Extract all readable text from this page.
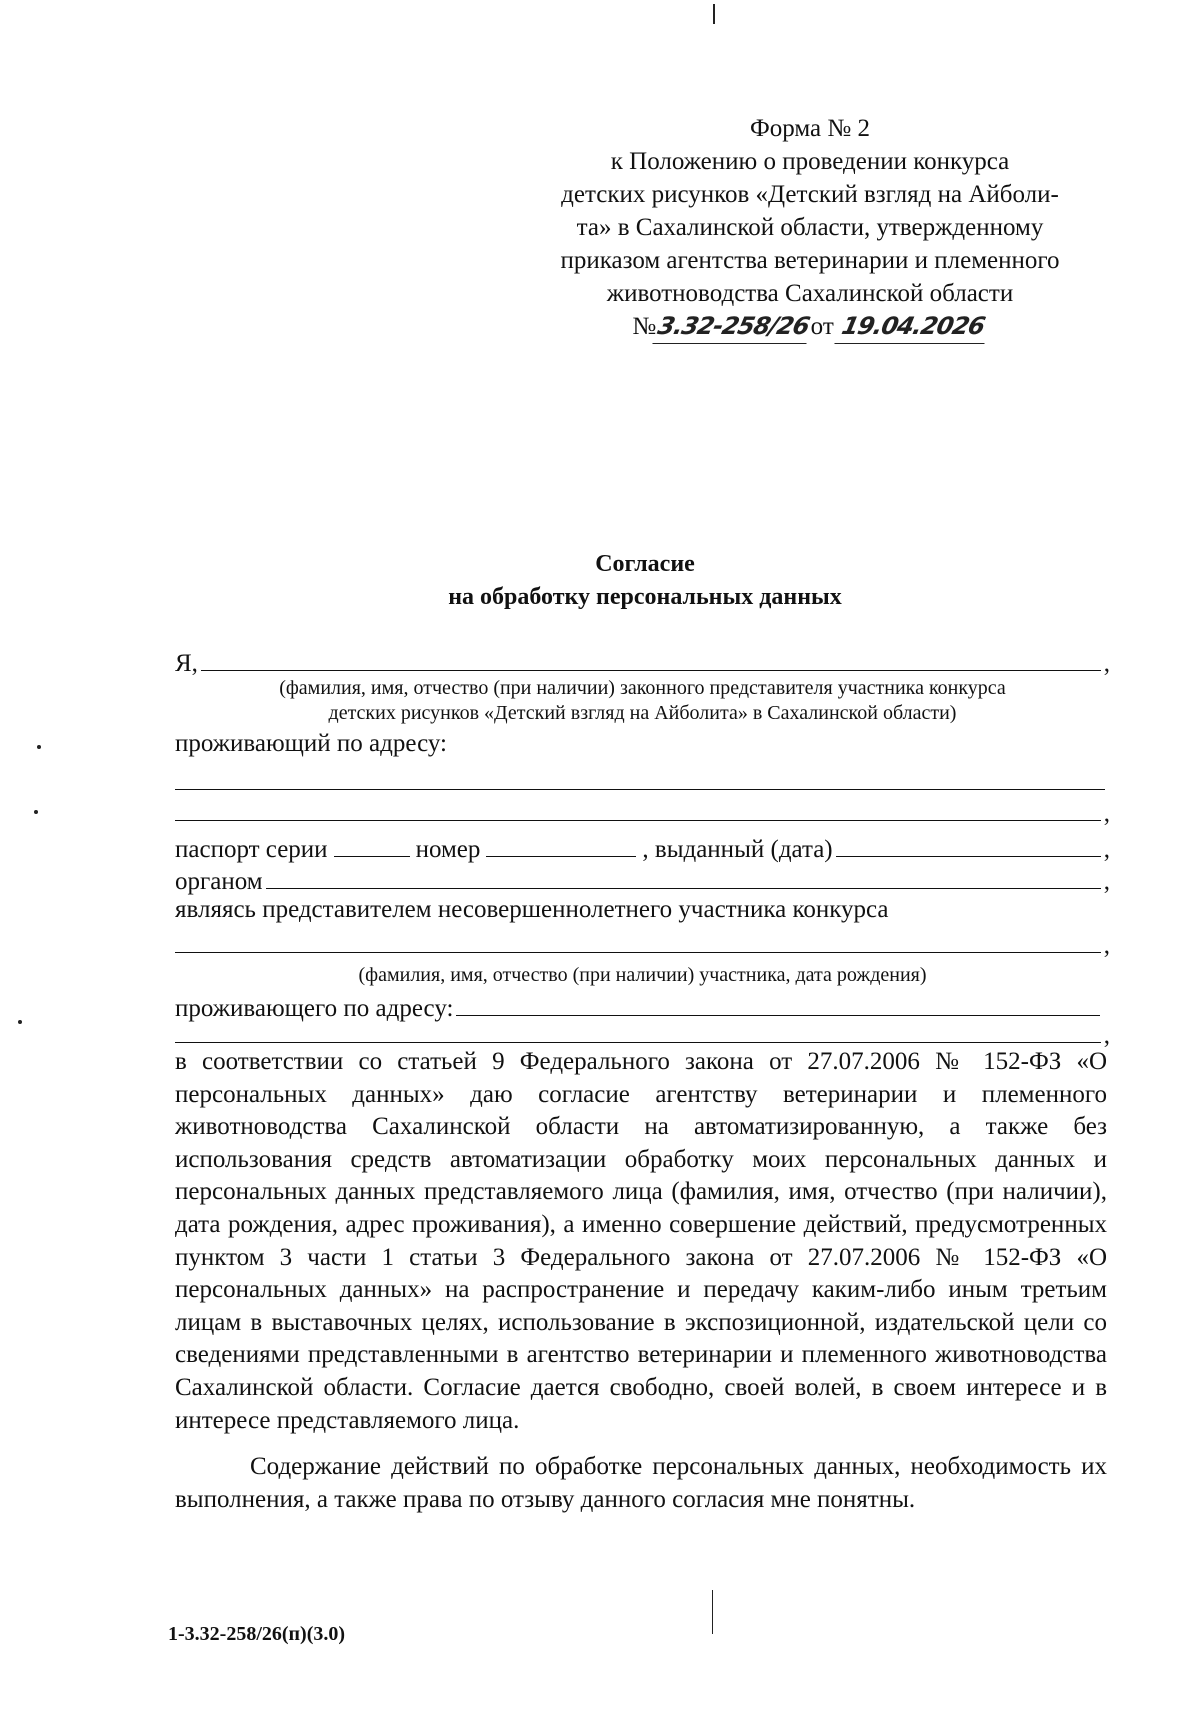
Форма № 2
к Положению о проведении конкурса
детских рисунков «Детский взгляд на Айболи-
та» в Сахалинской области, утвержденному
приказом агентства ветеринарии и племенного
животноводства Сахалинской области
№3.32-258/26от 19.04.2026
Согласие
на обработку персональных данных
Я,	,
(фамилия, имя, отчество (при наличии) законного представителя участника конкурса
детских рисунков «Детский взгляд на Айболита» в Сахалинской области)
проживающий по адресу:
,
паспорт серии	номер	, выданный (дата)	,
органом	,
являясь представителем несовершеннолетнего участника конкурса
,
(фамилия, имя, отчество (при наличии) участника, дата рождения)
проживающего по адресу:
,

в соответствии со статьей 9 Федерального закона от 27.07.2006 № 152-ФЗ «О персональных данных» даю согласие агентству ветеринарии и племенного животноводства Сахалинской области на автоматизированную, а также без использования средств автоматизации обработку моих персональных данных и персональных данных представляемого лица (фамилия, имя, отчество (при наличии), дата рождения, адрес проживания), а именно совершение действий, предусмотренных пунктом 3 части 1 статьи 3 Федерального закона от 27.07.2006 № 152-ФЗ «О персональных данных» на распространение и передачу каким-либо иным третьим лицам в выставочных целях, использование в экспозиционной, издательской цели со сведениями представленными в агентство ветеринарии и племенного животноводства Сахалинской области. Согласие дается свободно, своей волей, в своем интересе и в интересе представляемого лица.

Содержание действий по обработке персональных данных, необходимость их выполнения, а также права по отзыву данного согласия мне понятны.

1-3.32-258/26(п)(3.0)
